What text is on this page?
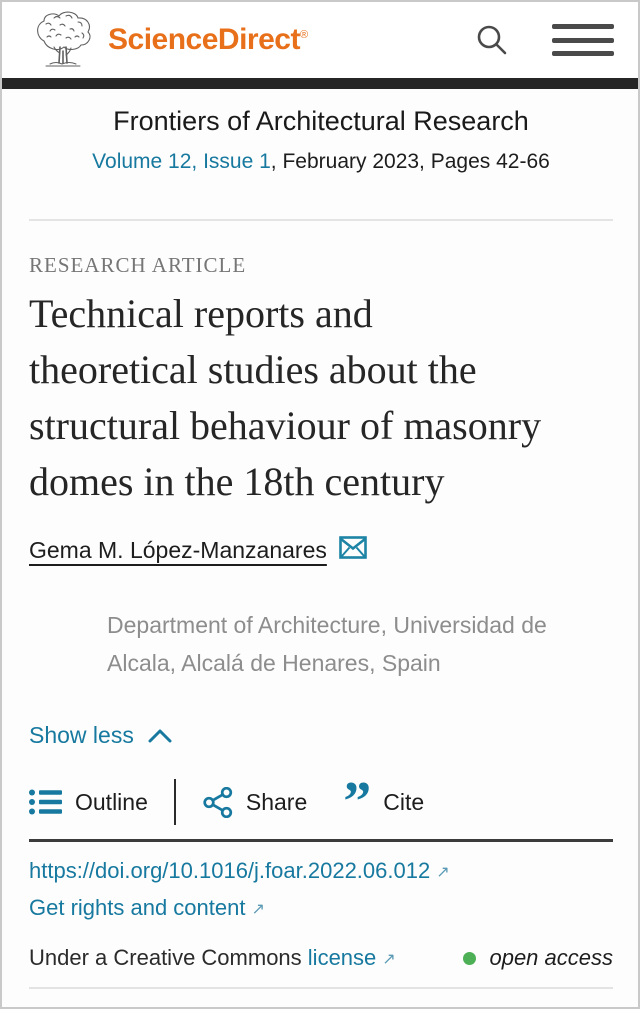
ScienceDirect®
Frontiers of Architectural Research
Volume 12, Issue 1, February 2023, Pages 42-66
RESEARCH ARTICLE
Technical reports and
theoretical studies about the
structural behaviour of masonry
domes in the 18th century
Gema M. López-Manzanares
Department of Architecture, Universidad de
Alcala, Alcalá de Henares, Spain
Show less
Outline	Share ” Cite
https://doi.org/10.1016/j.foar.2022.06.012 ↗
Get rights and content ↗
Under a Creative Commons license ↗	open access
